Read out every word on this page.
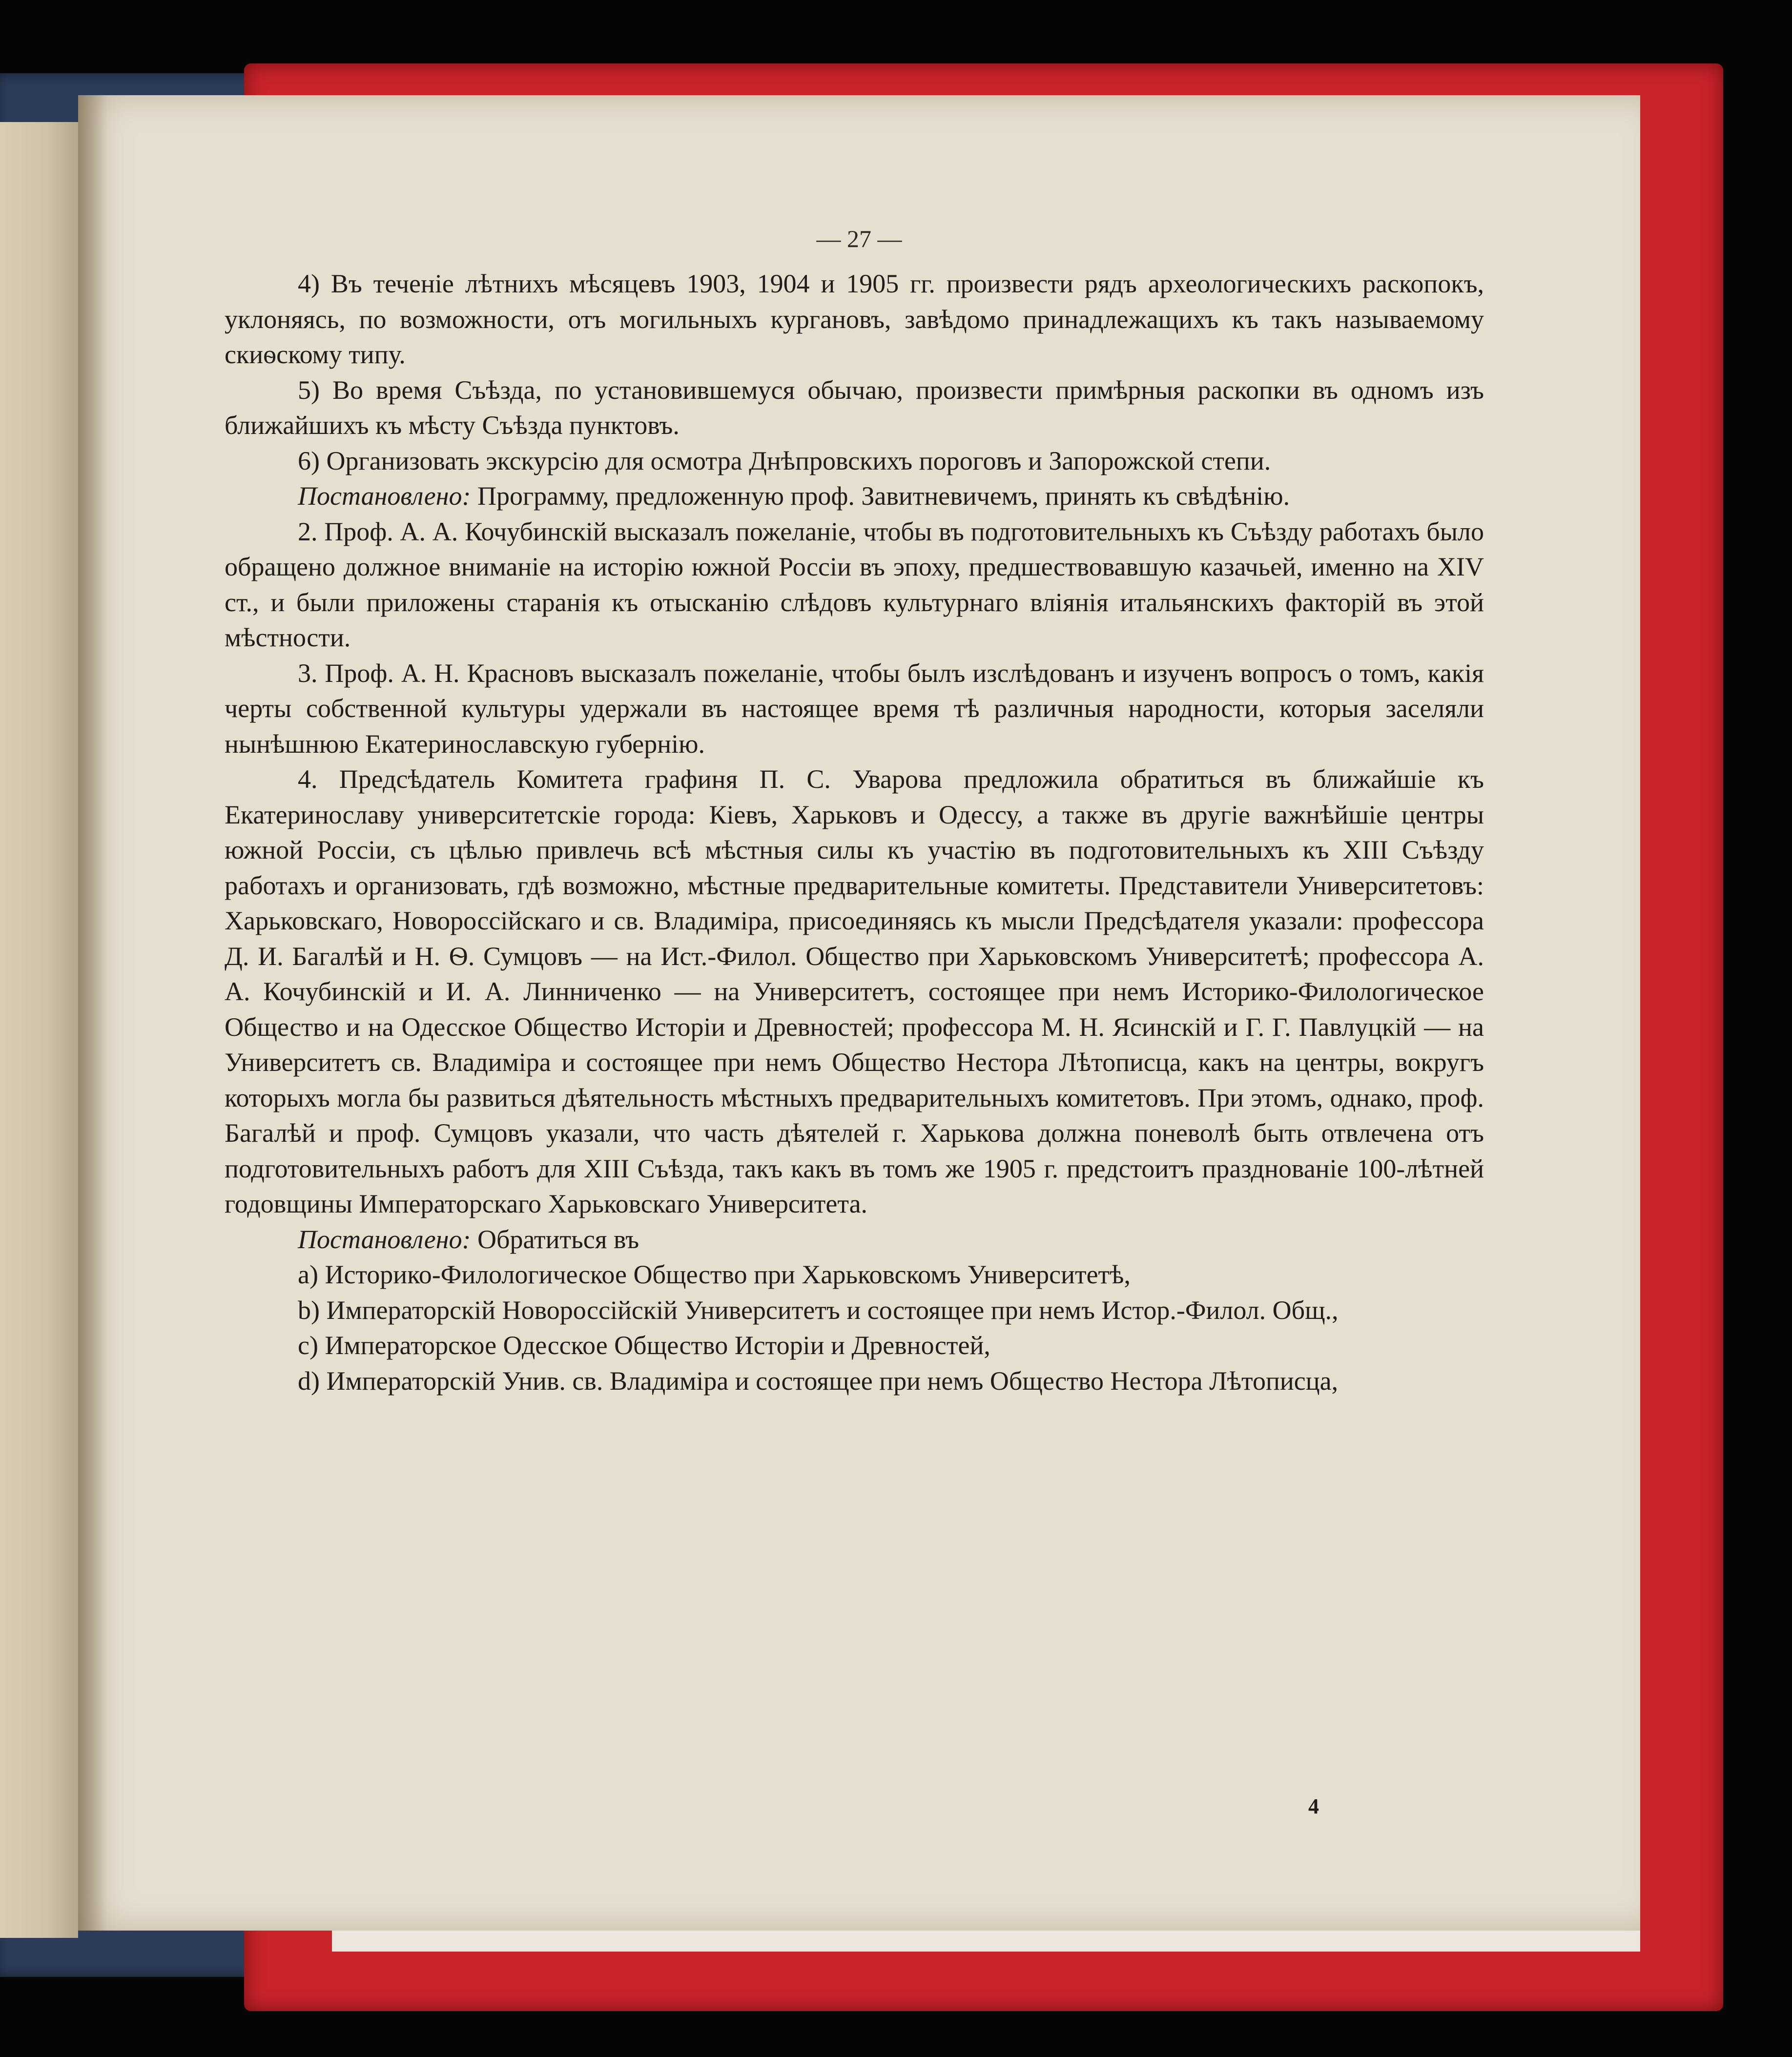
— 27 —

4) Въ теченіе лѣтнихъ мѣсяцевъ 1903, 1904 и 1905 гг. произвести рядъ археологическихъ раскопокъ, уклоняясь, по возможности, отъ могильныхъ кургановъ, завѣдомо принадлежащихъ къ такъ называемому скиѳскому типу.

5) Во время Съѣзда, по установившемуся обычаю, произвести примѣрныя раскопки въ одномъ изъ ближайшихъ къ мѣсту Съѣзда пунктовъ.

6) Организовать экскурсію для осмотра Днѣпровскихъ пороговъ и Запорожской степи.

Постановлено: Программу, предложенную проф. Завитневичемъ, принять къ свѣдѣнію.

2. Проф. А. А. Кочубинскій высказалъ пожеланіе, чтобы въ подготовительныхъ къ Съѣзду работахъ было обращено должное вниманіе на исторію южной Россіи въ эпоху, предшествовавшую казачьей, именно на XIV ст., и были приложены старанія къ отысканію слѣдовъ культурнаго вліянія итальянскихъ факторій въ этой мѣстности.

3. Проф. А. Н. Красновъ высказалъ пожеланіе, чтобы былъ изслѣдованъ и изученъ вопросъ о томъ, какія черты собственной культуры удержали въ настоящее время тѣ различныя народности, которыя заселяли нынѣшнюю Екатеринославскую губернію.

4. Предсѣдатель Комитета графиня П. С. Уварова предложила обратиться въ ближайшіе къ Екатеринославу университетскіе города: Кіевъ, Харьковъ и Одессу, а также въ другіе важнѣйшіе центры южной Россіи, съ цѣлью привлечь всѣ мѣстныя силы къ участію въ подготовительныхъ къ XIII Съѣзду работахъ и организовать, гдѣ возможно, мѣстные предварительные комитеты. Представители Университетовъ: Харьковскаго, Новороссійскаго и св. Владиміра, присоединяясь къ мысли Предсѣдателя указали: профессора Д. И. Багалѣй и Н. Ѳ. Сумцовъ — на Ист.-Филол. Общество при Харьковскомъ Университетѣ; профессора А. А. Кочубинскій и И. А. Линниченко — на Университетъ, состоящее при немъ Историко-Филологическое Общество и на Одесское Общество Исторіи и Древностей; профессора М. Н. Ясинскій и Г. Г. Павлуцкій — на Университетъ св. Владиміра и состоящее при немъ Общество Нестора Лѣтописца, какъ на центры, вокругъ которыхъ могла бы развиться дѣятельность мѣстныхъ предварительныхъ комитетовъ. При этомъ, однако, проф. Багалѣй и проф. Сумцовъ указали, что часть дѣятелей г. Харькова должна поневолѣ быть отвлечена отъ подготовительныхъ работъ для XIII Съѣзда, такъ какъ въ томъ же 1905 г. предстоитъ празднованіе 100-лѣтней годовщины Императорскаго Харьковскаго Университета.

Постановлено: Обратиться въ

a) Историко-Филологическое Общество при Харьковскомъ Университетѣ,

b) Императорскій Новороссійскій Университетъ и состоящее при немъ Истор.-Филол. Общ.,

c) Императорское Одесское Общество Исторіи и Древностей,

d) Императорскій Унив. св. Владиміра и состоящее при немъ Общество Нестора Лѣтописца,

4
